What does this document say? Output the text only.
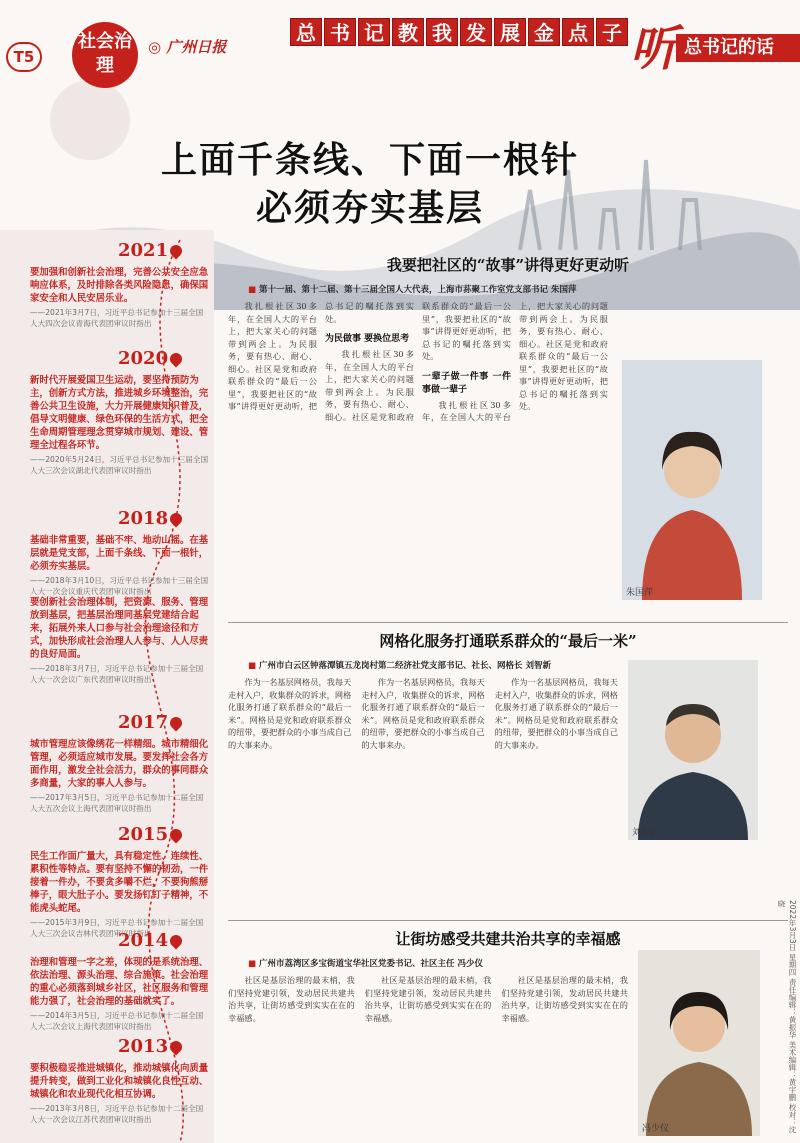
T5
社会治理
◎ 广州日报
总 书 记 教 我 发 展 金 点 子
总书记的话
听
上面千条线、下面一根针
必须夯实基层
2021
要加强和创新社会治理，完善公共安全应急响应体系，及时排除各类风险隐患，确保国家安全和人民安居乐业。
——2021年3月7日，习近平总书记参加十三届全国人大四次会议青海代表团审议时指出
2020
新时代开展爱国卫生运动，要坚持预防为主，创新方式方法，推进城乡环境整治，完善公共卫生设施，大力开展健康知识普及，倡导文明健康、绿色环保的生活方式，把全生命周期管理理念贯穿城市规划、建设、管理全过程各环节。
——2020年5月24日，习近平总书记参加十三届全国人大三次会议湖北代表团审议时指出
2018
基础非常重要，基础不牢、地动山摇。在基层就是党支部，上面千条线、下面一根针，必须夯实基层。
——2018年3月10日，习近平总书记参加十三届全国人大一次会议重庆代表团审议时指出
要创新社会治理体制，把资源、服务、管理放到基层，把基层治理同基层党建结合起来，拓展外来人口参与社会治理途径和方式，加快形成社会治理人人参与、人人尽责的良好局面。
——2018年3月7日，习近平总书记参加十三届全国人大一次会议广东代表团审议时指出
2017
城市管理应该像绣花一样精细。城市精细化管理，必须适应城市发展。要发挥社会各方面作用，激发全社会活力，群众的事同群众多商量，大家的事人人参与。
——2017年3月5日，习近平总书记参加十二届全国人大五次会议上海代表团审议时指出
2015
民生工作面广量大，具有稳定性、连续性、累积性等特点。要有坚持不懈的韧劲，一件接着一件办，不要贪多嚼不烂，不要狗熊掰棒子，眼大肚子小。要发扬钉钉子精神，不能虎头蛇尾。
——2015年3月9日，习近平总书记参加十二届全国人大三次会议吉林代表团审议时指出
2014
治理和管理一字之差，体现的是系统治理、依法治理、源头治理、综合施策。社会治理的重心必须落到城乡社区，社区服务和管理能力强了，社会治理的基础就实了。
——2014年3月5日，习近平总书记参加十二届全国人大二次会议上海代表团审议时指出
2013
要积极稳妥推进城镇化，推动城镇化向质量提升转变，做到工业化和城镇化良性互动、城镇化和农业现代化相互协调。
——2013年3月8日，习近平总书记参加十二届全国人大一次会议江苏代表团审议时指出
我要把社区的“故事”讲得更好更动听
■ 第十一届、第十二届、第十三届全国人大代表，上海市荪聚工作室党支部书记 朱国萍

我扎根社区30多年，在全国人大的平台上，把大家关心的问题带到两会上。为民服务，要有热心、耐心、细心。社区是党和政府联系群众的“最后一公里”，我要把社区的“故事”讲得更好更动听，把总书记的嘱托落到实处。

为民做事 要换位思考

我扎根社区30多年，在全国人大的平台上，把大家关心的问题带到两会上。为民服务，要有热心、耐心、细心。社区是党和政府联系群众的“最后一公里”，我要把社区的“故事”讲得更好更动听，把总书记的嘱托落到实处。

一辈子做一件事 一件事做一辈子

我扎根社区30多年，在全国人大的平台上，把大家关心的问题带到两会上。为民服务，要有热心、耐心、细心。社区是党和政府联系群众的“最后一公里”，我要把社区的“故事”讲得更好更动听，把总书记的嘱托落到实处。

朱国萍
网格化服务打通联系群众的“最后一米”
■ 广州市白云区钟落潭镇五龙岗村第二经济社党支部书记、社长、网格长 刘智新

作为一名基层网格员，我每天走村入户，收集群众的诉求，网格化服务打通了联系群众的“最后一米”。网格员是党和政府联系群众的纽带，要把群众的小事当成自己的大事来办。

作为一名基层网格员，我每天走村入户，收集群众的诉求，网格化服务打通了联系群众的“最后一米”。网格员是党和政府联系群众的纽带，要把群众的小事当成自己的大事来办。

作为一名基层网格员，我每天走村入户，收集群众的诉求，网格化服务打通了联系群众的“最后一米”。网格员是党和政府联系群众的纽带，要把群众的小事当成自己的大事来办。

刘智新
让街坊感受共建共治共享的幸福感
■ 广州市荔湾区多宝街道宝华社区党委书记、社区主任 冯少仪

社区是基层治理的最末梢，我们坚持党建引领，发动居民共建共治共享，让街坊感受到实实在在的幸福感。

社区是基层治理的最末梢，我们坚持党建引领，发动居民共建共治共享，让街坊感受到实实在在的幸福感。

社区是基层治理的最末梢，我们坚持党建引领，发动居民共建共治共享，让街坊感受到实实在在的幸福感。

冯少仪	2022年3月3日 星期四 责任编辑：黄振华 美术编辑：黄宇鹏 校对：沈晓
